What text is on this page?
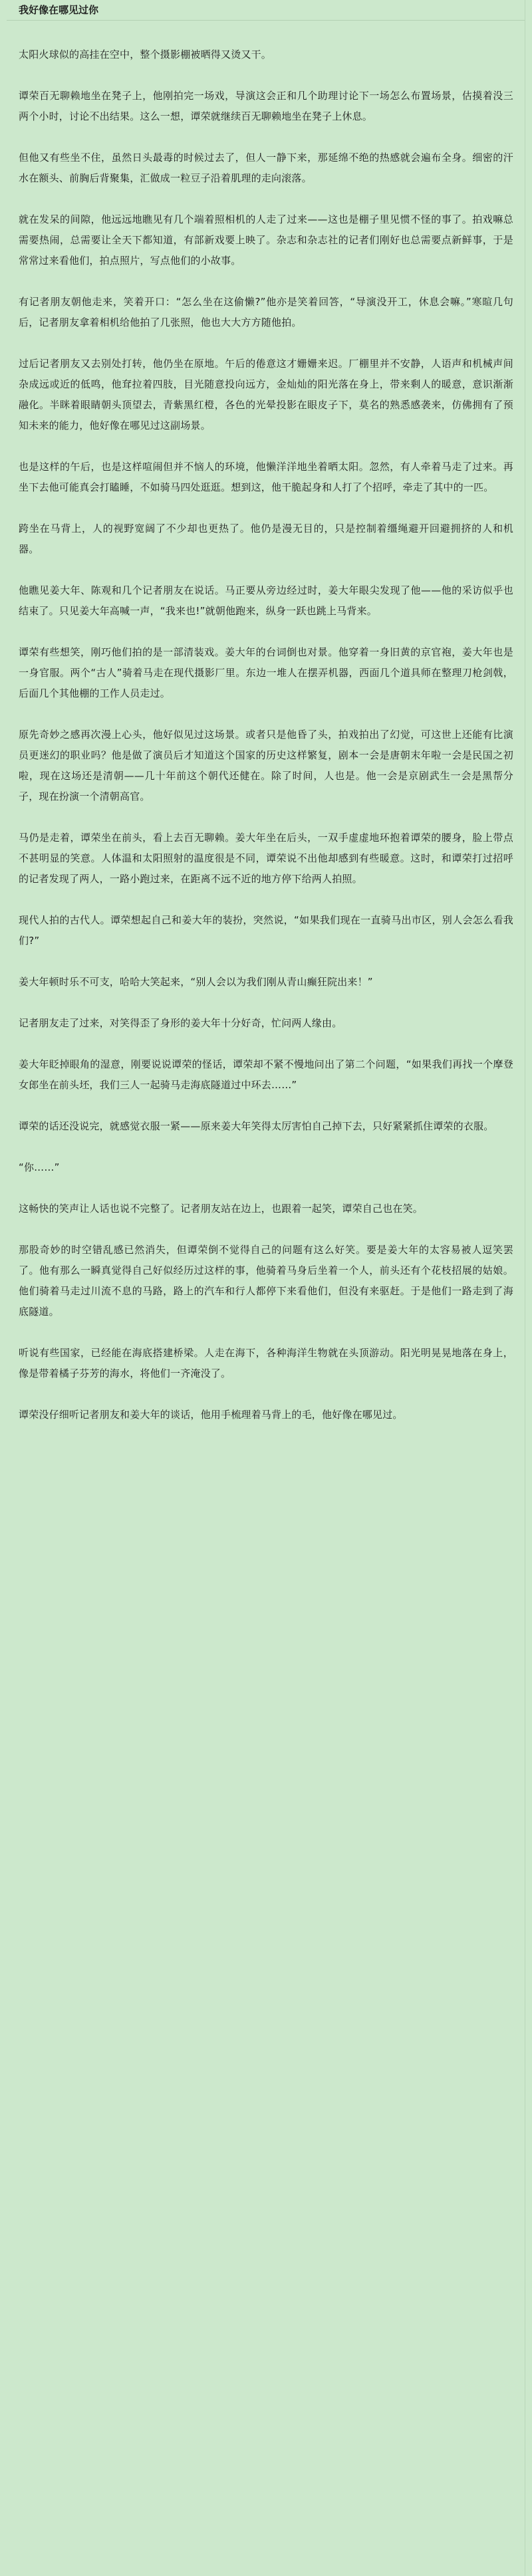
我好像在哪见过你

太阳火球似的高挂在空中，整个摄影棚被晒得又烫又干。

谭荣百无聊赖地坐在凳子上，他刚拍完一场戏，导演这会正和几个助理讨论下一场怎么布置场景，估摸着没三两个小时，讨论不出结果。这么一想，谭荣就继续百无聊赖地坐在凳子上休息。

但他又有些坐不住，虽然日头最毒的时候过去了，但人一静下来，那延绵不绝的热感就会遍布全身。细密的汗水在额头、前胸后背聚集，汇做成一粒豆子沿着肌理的走向滚落。

就在发呆的间隙，他远远地瞧见有几个端着照相机的人走了过来——这也是棚子里见惯不怪的事了。拍戏嘛总需要热闹，总需要让全天下都知道，有部新戏要上映了。杂志和杂志社的记者们刚好也总需要点新鲜事，于是常常过来看他们，拍点照片，写点他们的小故事。

有记者朋友朝他走来，笑着开口：“怎么坐在这偷懒?”他亦是笑着回答，“导演没开工，休息会嘛。”寒暄几句后，记者朋友拿着相机给他拍了几张照，他也大大方方随他拍。

过后记者朋友又去别处打转，他仍坐在原地。午后的倦意这才姗姗来迟。厂棚里并不安静，人语声和机械声间杂成远或近的低鸣，他耷拉着四肢，目光随意投向远方，金灿灿的阳光落在身上，带来剩人的暖意，意识渐渐融化。半眯着眼睛朝头顶望去，青紫黑红橙，各色的光晕投影在眼皮子下，莫名的熟悉感袭来，仿佛拥有了预知未来的能力，他好像在哪见过这副场景。

也是这样的午后，也是这样喧闹但并不恼人的环境，他懒洋洋地坐着晒太阳。忽然，有人牵着马走了过来。再坐下去他可能真会打瞌睡，不如骑马四处逛逛。想到这，他干脆起身和人打了个招呼，牵走了其中的一匹。

跨坐在马背上，人的视野宽阔了不少却也更热了。他仍是漫无目的，只是控制着缰绳避开回避拥挤的人和机器。

他瞧见姜大年、陈观和几个记者朋友在说话。马正要从旁边经过时，姜大年眼尖发现了他——他的采访似乎也结束了。只见姜大年高喊一声，“我来也!”就朝他跑来，纵身一跃也跳上马背来。

谭荣有些想笑，刚巧他们拍的是一部清装戏。姜大年的台词倒也对景。他穿着一身旧黄的京官袍，姜大年也是一身官服。两个“古人”骑着马走在现代摄影厂里。东边一堆人在摆弄机器，西面几个道具师在整理刀枪剑戟，后面几个其他棚的工作人员走过。

原先奇妙之感再次漫上心头，他好似见过这场景。或者只是他昏了头，拍戏拍出了幻觉，可这世上还能有比演员更迷幻的职业吗？他是做了演员后才知道这个国家的历史这样繁复，剧本一会是唐朝末年啦一会是民国之初啦，现在这场还是清朝——几十年前这个朝代还健在。除了时间，人也是。他一会是京剧武生一会是黑帮分子，现在扮演一个清朝高官。

马仍是走着，谭荣坐在前头，看上去百无聊赖。姜大年坐在后头，一双手虚虚地环抱着谭荣的腰身，脸上带点不甚明显的笑意。人体温和太阳照射的温度很是不同，谭荣说不出他却感到有些暖意。这时，和谭荣打过招呼的记者发现了两人，一路小跑过来，在距离不远不近的地方停下给两人拍照。

现代人拍的古代人。谭荣想起自己和姜大年的装扮，突然说，“如果我们现在一直骑马出市区，别人会怎么看我们?”

姜大年顿时乐不可支，哈哈大笑起来，“别人会以为我们刚从青山癫狂院出来！”

记者朋友走了过来，对笑得歪了身形的姜大年十分好奇，忙问两人缘由。

姜大年眨掉眼角的湿意，刚要说说谭荣的怪话，谭荣却不紧不慢地问出了第二个问题，“如果我们再找一个摩登女郎坐在前头坯，我们三人一起骑马走海底隧道过中环去……”

谭荣的话还没说完，就感觉衣服一紧——原来姜大年笑得太厉害怕自己掉下去，只好紧紧抓住谭荣的衣服。

“你……”

这畅快的笑声让人话也说不完整了。记者朋友站在边上，也跟着一起笑，谭荣自己也在笑。

那股奇妙的时空错乱感已然消失，但谭荣倒不觉得自己的问题有这么好笑。要是姜大年的太容易被人逗笑罢了。他有那么一瞬真觉得自己好似经历过这样的事，他骑着马身后坐着一个人，前头还有个花枝招展的姑娘。他们骑着马走过川流不息的马路，路上的汽车和行人都停下来看他们，但没有来驱赶。于是他们一路走到了海底隧道。

听说有些国家，已经能在海底搭建桥梁。人走在海下，各种海洋生物就在头顶游动。阳光明晃晃地落在身上，像是带着橘子芬芳的海水，将他们一齐淹没了。

谭荣没仔细听记者朋友和姜大年的谈话，他用手梳理着马背上的毛，他好像在哪见过。
